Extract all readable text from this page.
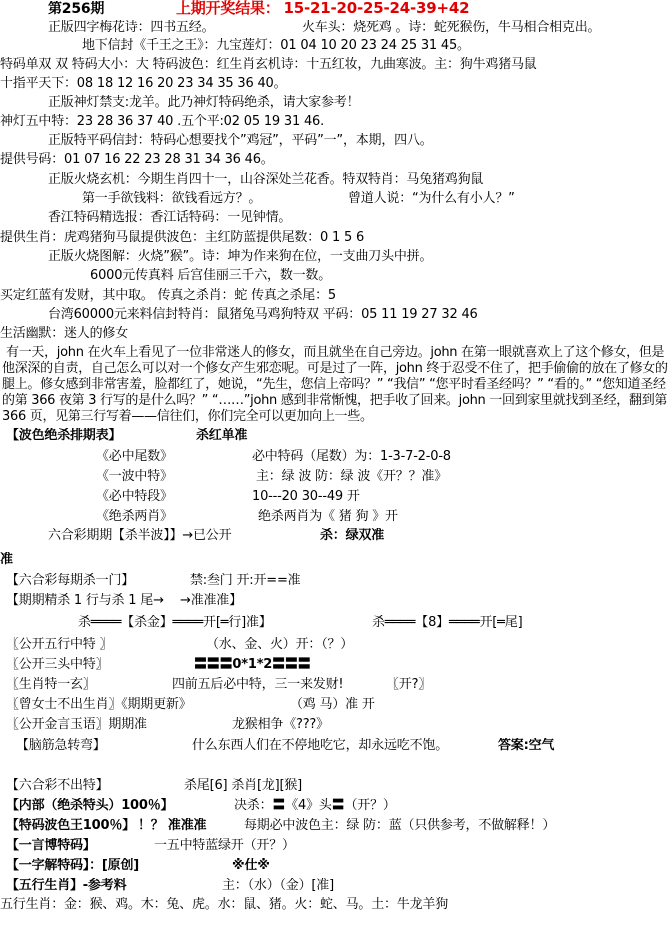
第256期	上期开奖结果： 15-21-20-25-24-39+42
正版四字梅花诗：四书五经。	火车头：烧死鸡 。诗：蛇死猴伤，牛马相合相克出。
地下信封《千王之王》：九宝莲灯：01 04 10 20 23 24 25 31 45。
特码单双 双 特码大小：大 特码波色：红生肖玄机诗：十五红妆，九曲寒波。主：狗牛鸡猪马鼠
十指平天下：08 18 12 16 20 23 34 35 36 40。
正版神灯禁支:龙羊。此乃神灯特码绝杀，请大家参考！
神灯五中特：23 28 36 37 40 .五个平:02 05 19 31 46.
正版特平码信封：特码心想要找个”鸡冠”，平码”一”，本期，四八。
提供号码：01 07 16 22 23 28 31 34 36 46。
正版火烧玄机：今期生肖四十一，山谷深处兰花香。特双特肖：马兔猪鸡狗鼠
第一手欲钱料：欲钱看远方？。	曾道人说：“为什么有小人？”
香江特码精选报：香江话特码：一见钟情。
提供生肖：虎鸡猪狗马鼠提供波色：主红防蓝提供尾数：0 1 5 6
正版火烧图解：火烧”猴”。诗：坤为作来狗在位，一支曲刀头中拼。
6000元传真料 后宫佳丽三千六，数一数。
买定红蓝有发财，其中取。 传真之杀肖：蛇 传真之杀尾：5
台湾60000元来料信封特肖：鼠猪兔马鸡狗特双 平码：05 11 19 27 32 46
生活幽默：迷人的修女
有一天，john 在火车上看见了一位非常迷人的修女，而且就坐在自己旁边。john 在第一眼就喜欢上了这个修女，但是他深深的自责，自己怎么可以对一个修女产生邪恋呢。可是过了一阵，john 终于忍受不住了，把手偷偷的放在了修女的腿上。修女感到非常害羞，脸都红了，她说，“先生，您信上帝吗？” “我信” “您平时看圣经吗？” “看的。” “您知道圣经的第 366 夜第 3 行写的是什么吗？” “……”john 感到非常惭愧，把手收了回来。john 一回到家里就找到圣经，翻到第 366 页，见第三行写着——信往们，你们完全可以更加向上一些。
【波色绝杀排期表】	杀红单准
《必中尾数》	必中特码（尾数）为：1-3-7-2-0-8
《一波中特》	主：绿 波 防：绿 波《开？？准》
《必中特段》	10---20 30--49 开
《绝杀两肖》	绝杀两肖为《 猪 狗 》开
六合彩期期【杀半波】】→已公开	杀：绿双准
准
【六合彩每期杀一门】	禁:叁门 开:开==准
【期期精杀 1 行与杀 1 尾→	→准准准】
杀════【杀金】════开[═行]准】	杀════【8】════开[═尾]
〖公开五行中特 〗	（水、金、火）开：（？）
〖公开三头中特〗	〓〓〓0*1*2〓〓〓
〖生肖特一玄〗	四前五后必中特，三一来发财!	〖开?〗
〖曾女士不出生肖〗《期期更新》	（鸡 马）准 开
〖公开金言玉语〗期期准	龙猴相争《???》
【脑筋急转弯】	什么东西人们在不停地吃它，却永远吃不饱。	答案:空气
【六合彩不出特】	杀尾[6] 杀肖[龙][猴]
【内部（绝杀特头）100％】	决杀：〓《4》头〓（开？）
【特码波色王100％】 ！？ 准准准	每期必中波色主：绿 防：蓝（只供参考，不做解释！）
【一言博特码】	一五中特蓝绿开（开？）
【一字解特码】：[原创]	※仕※
【五行生肖】-参考料	主：（水）（金）[准]
五行生肖：金：猴、鸡。木：兔、虎。水：鼠、猪。火：蛇、马。土：牛龙羊狗
